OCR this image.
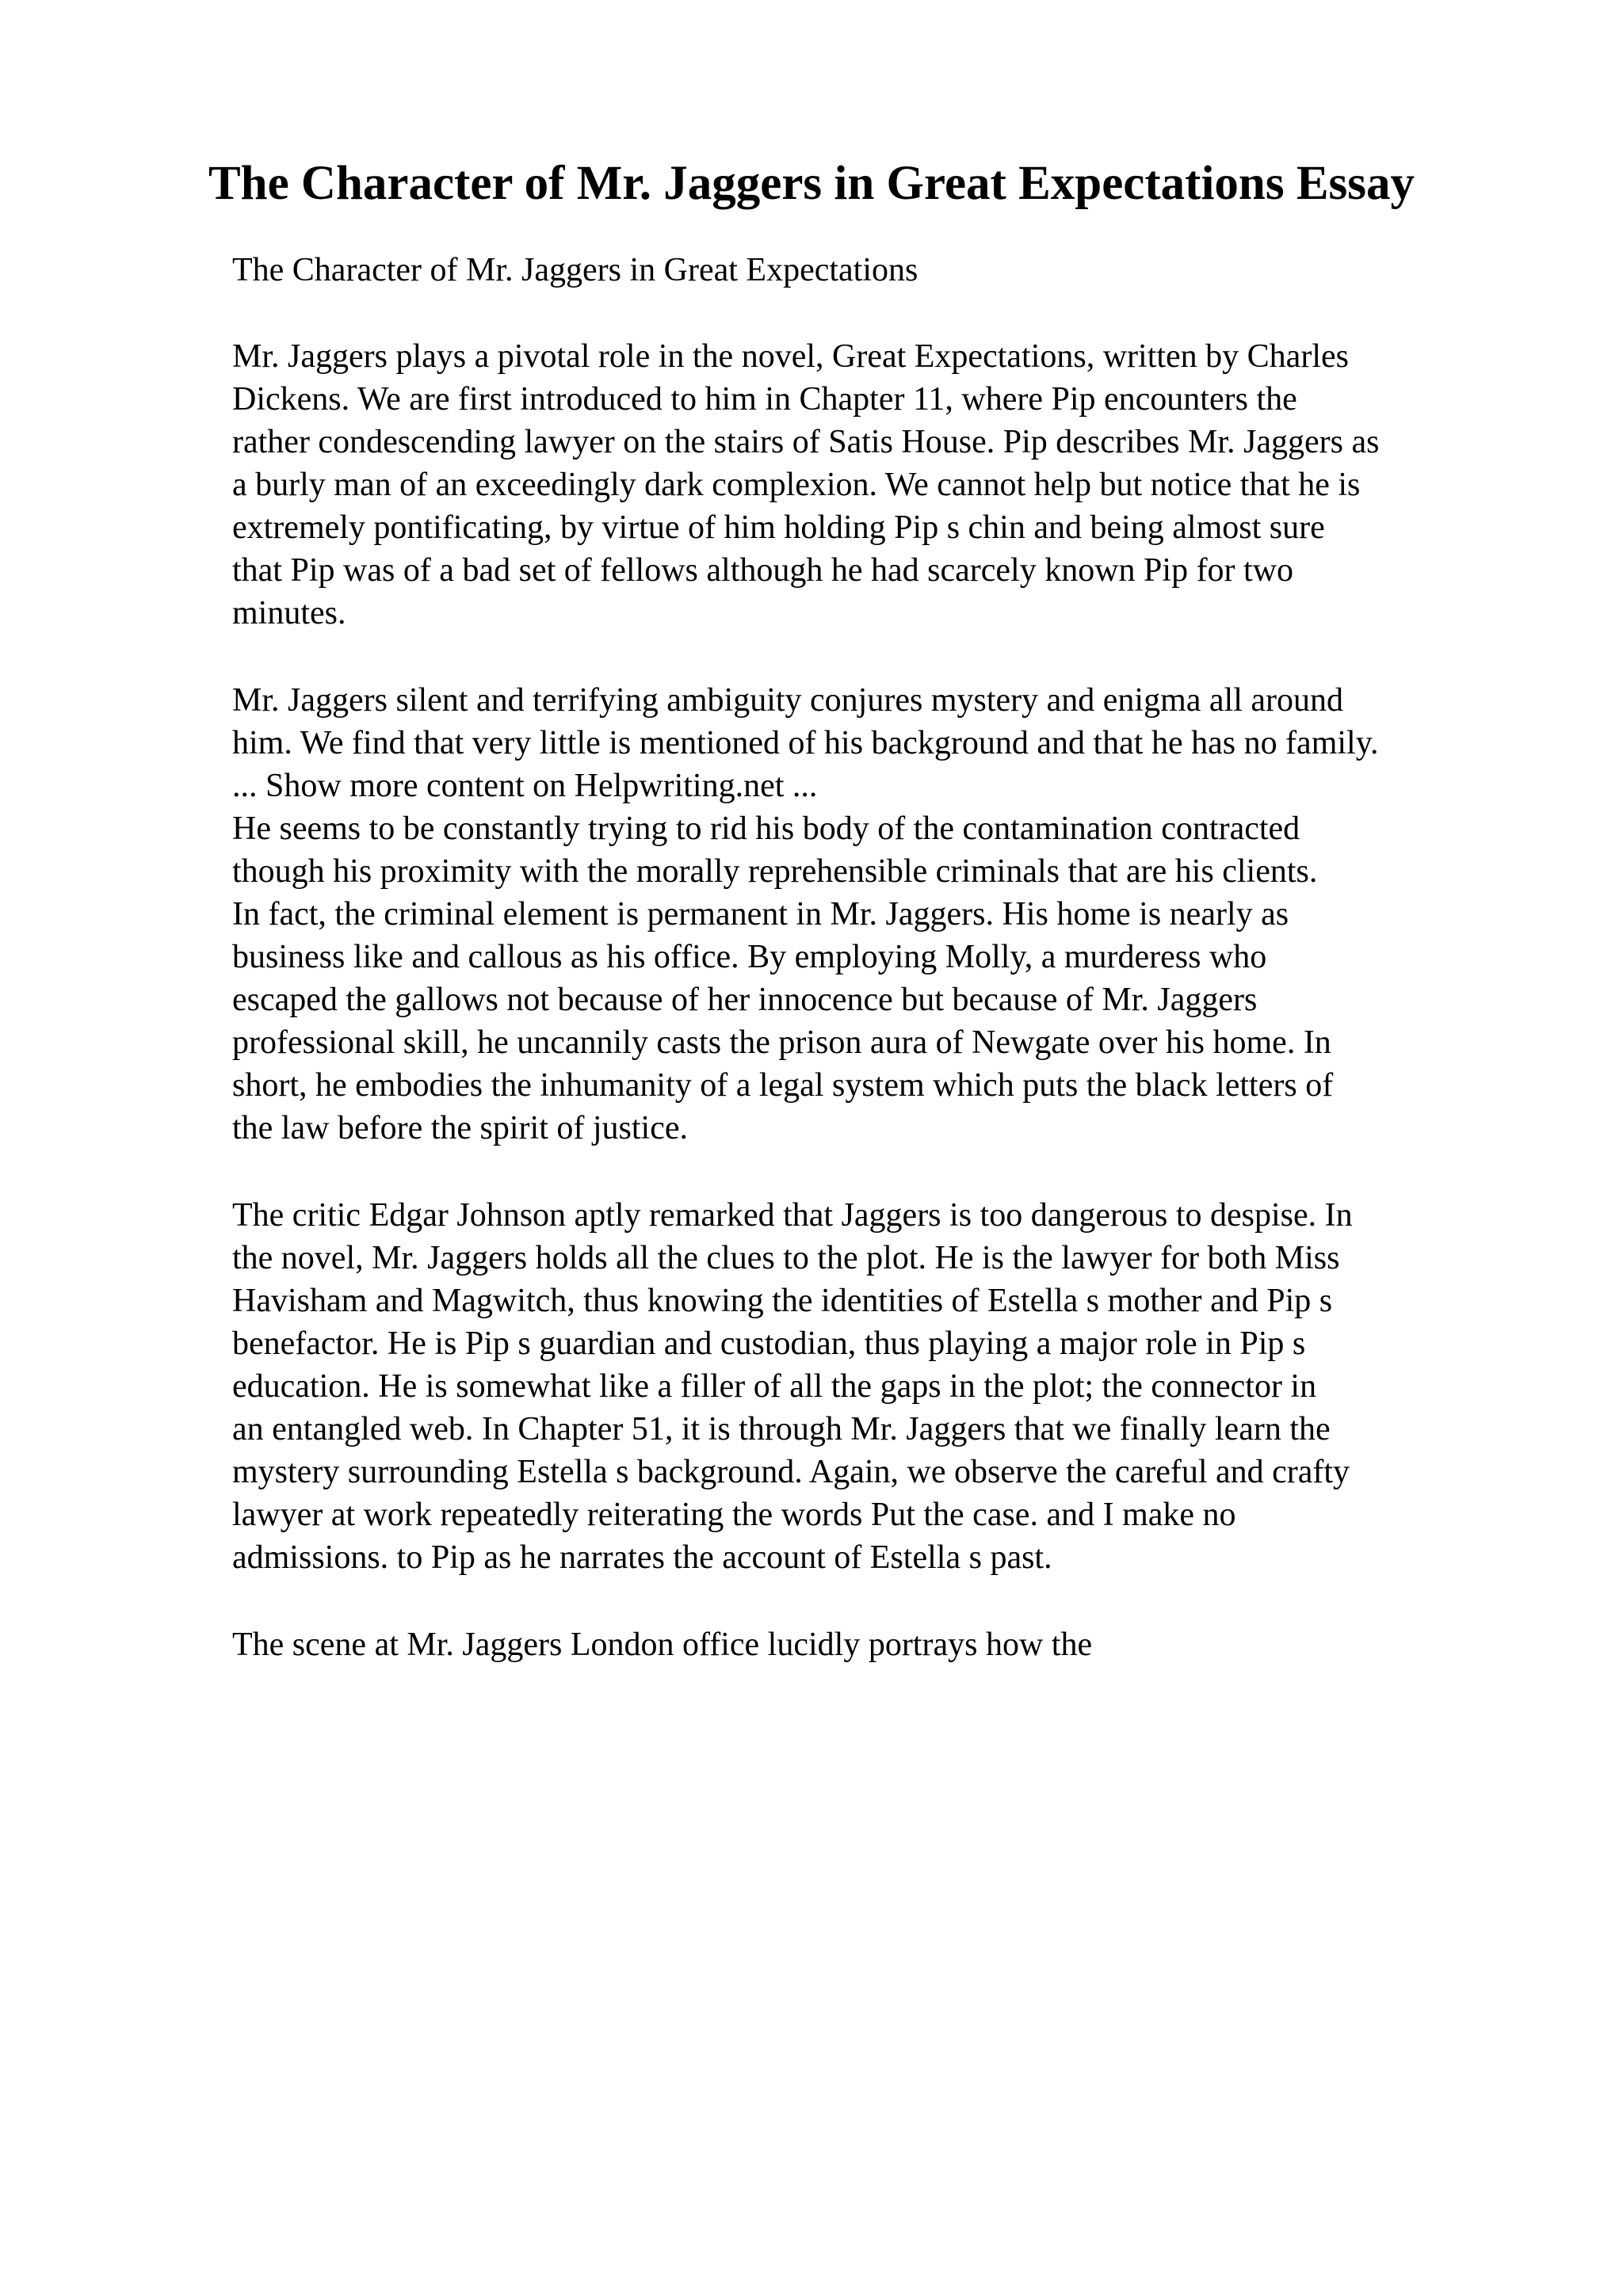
The Character of Mr. Jaggers in Great Expectations Essay

The Character of Mr. Jaggers in Great Expectations

Mr. Jaggers plays a pivotal role in the novel, Great Expectations, written by Charles

Dickens. We are first introduced to him in Chapter 11, where Pip encounters the

rather condescending lawyer on the stairs of Satis House. Pip describes Mr. Jaggers as

a burly man of an exceedingly dark complexion. We cannot help but notice that he is

extremely pontificating, by virtue of him holding Pip s chin and being almost sure

that Pip was of a bad set of fellows although he had scarcely known Pip for two

minutes.

Mr. Jaggers silent and terrifying ambiguity conjures mystery and enigma all around

him. We find that very little is mentioned of his background and that he has no family.

... Show more content on Helpwriting.net ...

He seems to be constantly trying to rid his body of the contamination contracted

though his proximity with the morally reprehensible criminals that are his clients.

In fact, the criminal element is permanent in Mr. Jaggers. His home is nearly as

business like and callous as his office. By employing Molly, a murderess who

escaped the gallows not because of her innocence but because of Mr. Jaggers

professional skill, he uncannily casts the prison aura of Newgate over his home. In

short, he embodies the inhumanity of a legal system which puts the black letters of

the law before the spirit of justice.

The critic Edgar Johnson aptly remarked that Jaggers is too dangerous to despise. In

the novel, Mr. Jaggers holds all the clues to the plot. He is the lawyer for both Miss

Havisham and Magwitch, thus knowing the identities of Estella s mother and Pip s

benefactor. He is Pip s guardian and custodian, thus playing a major role in Pip s

education. He is somewhat like a filler of all the gaps in the plot; the connector in

an entangled web. In Chapter 51, it is through Mr. Jaggers that we finally learn the

mystery surrounding Estella s background. Again, we observe the careful and crafty

lawyer at work repeatedly reiterating the words Put the case. and I make no

admissions. to Pip as he narrates the account of Estella s past.

The scene at Mr. Jaggers London office lucidly portrays how the
